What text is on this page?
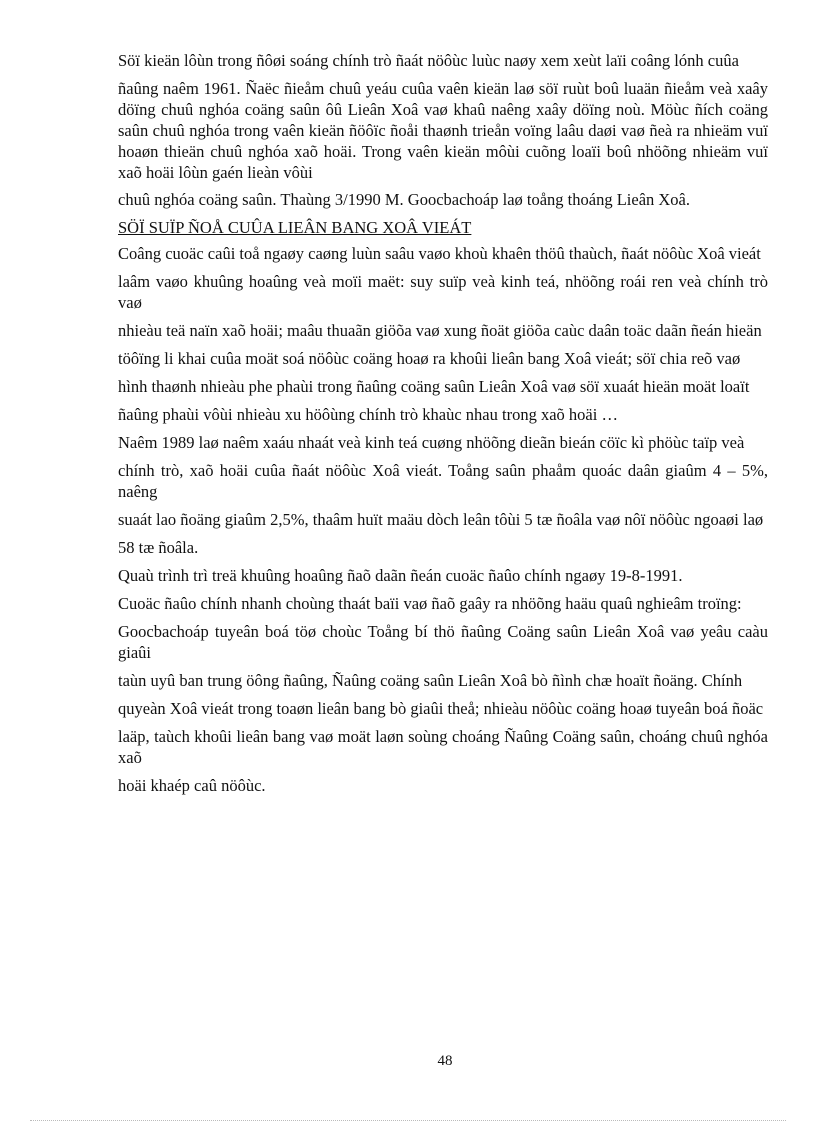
Söï kieän lôùn trong ñôøi soáng chính trò ñaát nöôùc luùc naøy xem xeùt laïi coâng lónh cuûa

ñaûng naêm 1961. Ñaëc ñieåm chuû yeáu cuûa vaên kieän laø söï ruùt boû luaän ñieåm veà xaây döïng chuû nghóa coäng saûn ôû Lieân Xoâ vaø khaû naêng xaây döïng noù. Möùc ñích coäng saûn chuû nghóa trong vaên kieän ñöôïc ñoåi thaønh trieån voïng laâu daøi vaø ñeà ra nhieäm vuï hoaøn thieän chuû nghóa xaõ hoäi. Trong vaên kieän môùi cuõng loaïi boû nhöõng nhieäm vuï xaõ hoäi lôùn gaén lieàn vôùi

chuû nghóa coäng saûn. Thaùng 3/1990 M. Goocbachoáp laø toång thoáng Lieân Xoâ.

SÖÏ SUÏP ÑOÅ CUÛA LIEÂN BANG XOÂ VIEÁT

Coâng cuoäc caûi toå ngaøy caøng luùn saâu vaøo khoù khaên thöû thaùch, ñaát nöôùc Xoâ vieát

laâm vaøo khuûng hoaûng veà moïi maët: suy suïp veà kinh teá, nhöõng roái ren veà chính trò vaø

nhieàu teä naïn xaõ hoäi; maâu thuaãn giöõa vaø xung ñoät giöõa caùc daân toäc daãn ñeán hieän

töôïng li khai cuûa moät soá nöôùc coäng hoaø ra khoûi lieân bang Xoâ vieát; söï chia reõ vaø

hình thaønh nhieàu phe phaùi trong ñaûng coäng saûn Lieân Xoâ vaø söï xuaát hieän moät loaït

ñaûng phaùi vôùi nhieàu xu höôùng chính trò khaùc nhau trong xaõ hoäi …

Naêm 1989 laø naêm xaáu nhaát veà kinh teá cuøng nhöõng dieãn bieán cöïc kì phöùc taïp veà

chính trò, xaõ hoäi cuûa ñaát nöôùc Xoâ vieát. Toång saûn phaåm quoác daân giaûm 4 – 5%, naêng

suaát lao ñoäng giaûm 2,5%, thaâm huït maäu dòch leân tôùi 5 tæ ñoâla vaø nôï nöôùc ngoaøi laø

58 tæ ñoâla.

Quaù trình trì treä khuûng hoaûng ñaõ daãn ñeán cuoäc ñaûo chính ngaøy 19-8-1991.

Cuoäc ñaûo chính nhanh choùng thaát baïi vaø ñaõ gaây ra nhöõng haäu quaû nghieâm troïng:

Goocbachoáp tuyeân boá töø choùc Toång bí thö ñaûng Coäng saûn Lieân Xoâ vaø yeâu caàu giaûi

taùn uyû ban trung öông ñaûng, Ñaûng coäng saûn Lieân Xoâ bò ñình chæ hoaït ñoäng. Chính

quyeàn Xoâ vieát trong toaøn lieân bang bò giaûi theå; nhieàu nöôùc coäng hoaø tuyeân boá ñoäc

laäp, taùch khoûi lieân bang vaø moät laøn soùng choáng Ñaûng Coäng saûn, choáng chuû nghóa xaõ

hoäi khaép caû nöôùc.

48
